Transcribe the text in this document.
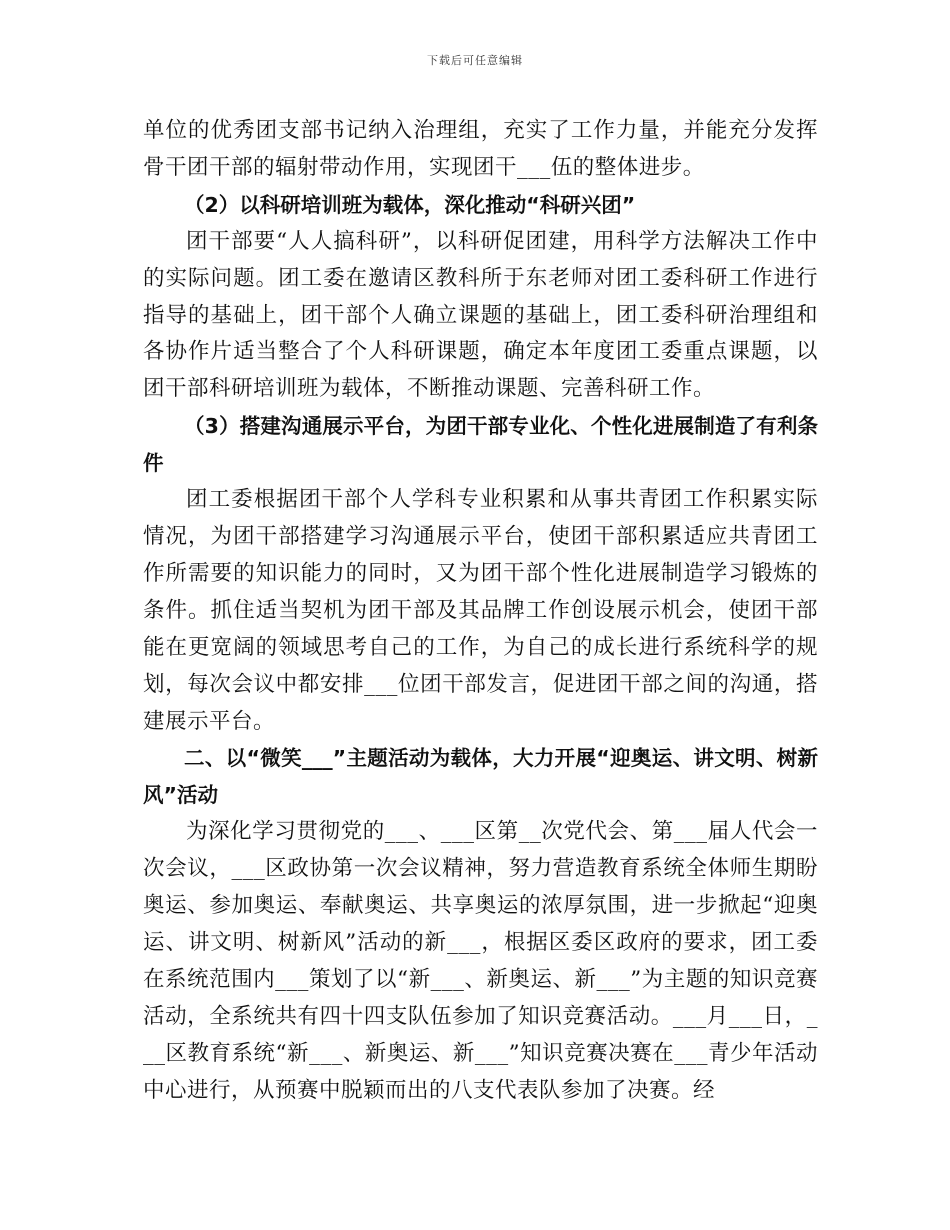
下载后可任意编辑

单位的优秀团支部书记纳入治理组，充实了工作力量，并能充分发挥骨干团干部的辐射带动作用，实现团干___伍的整体进步。

（2）以科研培训班为载体，深化推动“科研兴团”

团干部要“人人搞科研”，以科研促团建，用科学方法解决工作中的实际问题。团工委在邀请区教科所于东老师对团工委科研工作进行指导的基础上，团干部个人确立课题的基础上，团工委科研治理组和各协作片适当整合了个人科研课题，确定本年度团工委重点课题，以团干部科研培训班为载体，不断推动课题、完善科研工作。

（3）搭建沟通展示平台，为团干部专业化、个性化进展制造了有利条件

团工委根据团干部个人学科专业积累和从事共青团工作积累实际情况，为团干部搭建学习沟通展示平台，使团干部积累适应共青团工作所需要的知识能力的同时，又为团干部个性化进展制造学习锻炼的条件。抓住适当契机为团干部及其品牌工作创设展示机会，使团干部能在更宽阔的领域思考自己的工作，为自己的成长进行系统科学的规划，每次会议中都安排___位团干部发言，促进团干部之间的沟通，搭建展示平台。

二、以“微笑___”主题活动为载体，大力开展“迎奥运、讲文明、树新风”活动

为深化学习贯彻党的___、___区第__次党代会、第___届人代会一次会议，___区政协第一次会议精神，努力营造教育系统全体师生期盼奥运、参加奥运、奉献奥运、共享奥运的浓厚氛围，进一步掀起“迎奥运、讲文明、树新风”活动的新___，根据区委区政府的要求，团工委在系统范围内___策划了以“新___、新奥运、新___”为主题的知识竞赛活动，全系统共有四十四支队伍参加了知识竞赛活动。___月___日，___区教育系统“新___、新奥运、新___”知识竞赛决赛在___青少年活动中心进行，从预赛中脱颖而出的八支代表队参加了决赛。经
